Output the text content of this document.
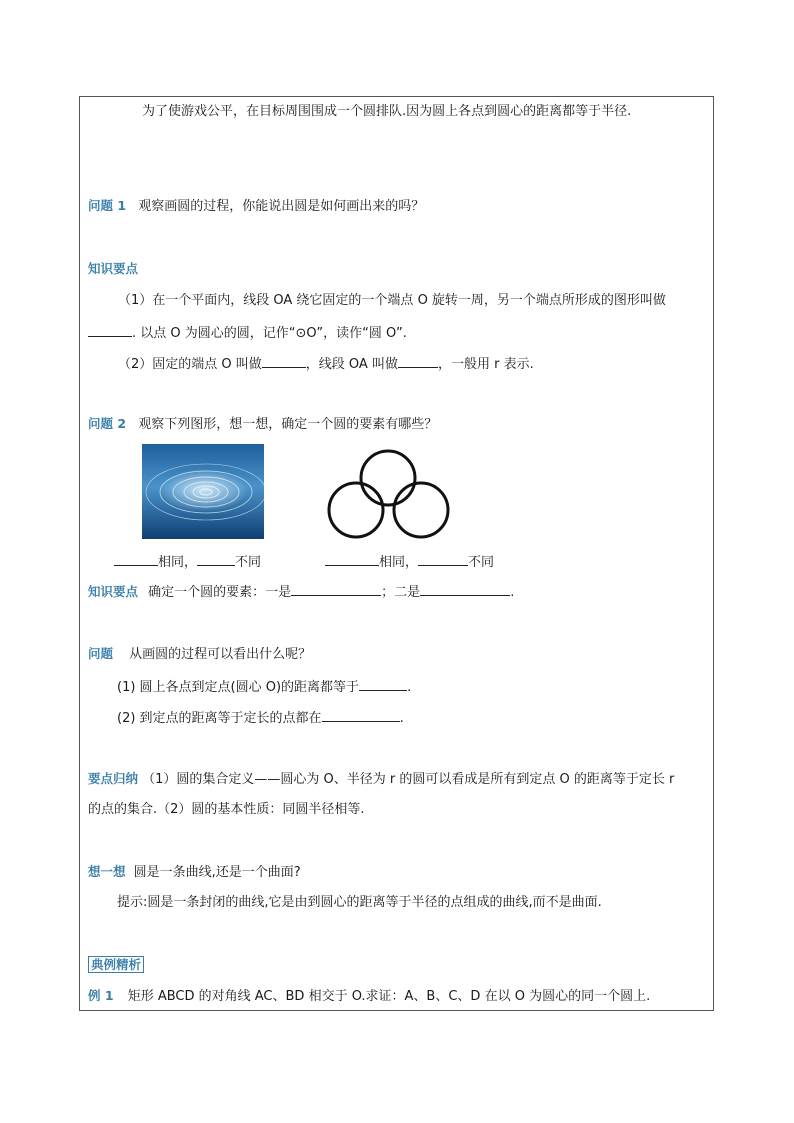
为了使游戏公平，在目标周围围成一个圆排队.因为圆上各点到圆心的距离都等于半径.
问题 1 观察画圆的过程，你能说出圆是如何画出来的吗？
知识要点
（1）在一个平面内，线段 OA 绕它固定的一个端点 O 旋转一周，另一个端点所形成的图形叫做
. 以点 O 为圆心的圆，记作“⊙O”，读作“圆 O”.
（2）固定的端点 O 叫做	，线段 OA 叫做	，一般用 r 表示.
问题 2 观察下列图形，想一想，确定一个圆的要素有哪些？
相同，	不同	相同，	不同
知识要点 确定一个圆的要素：一是	；二是	.
问题 从画圆的过程可以看出什么呢？
(1) 圆上各点到定点(圆心 O)的距离都等于	.
(2) 到定点的距离等于定长的点都在	.
要点归纳 （1）圆的集合定义——圆心为 O、半径为 r 的圆可以看成是所有到定点 O 的距离等于定长 r
的点的集合.（2）圆的基本性质：同圆半径相等.
想一想 圆是一条曲线,还是一个曲面?
提示:圆是一条封闭的曲线,它是由到圆心的距离等于半径的点组成的曲线,而不是曲面.
典例精析
例 1 矩形 ABCD 的对角线 AC、BD 相交于 O.求证：A、B、C、D 在以 O 为圆心的同一个圆上.
